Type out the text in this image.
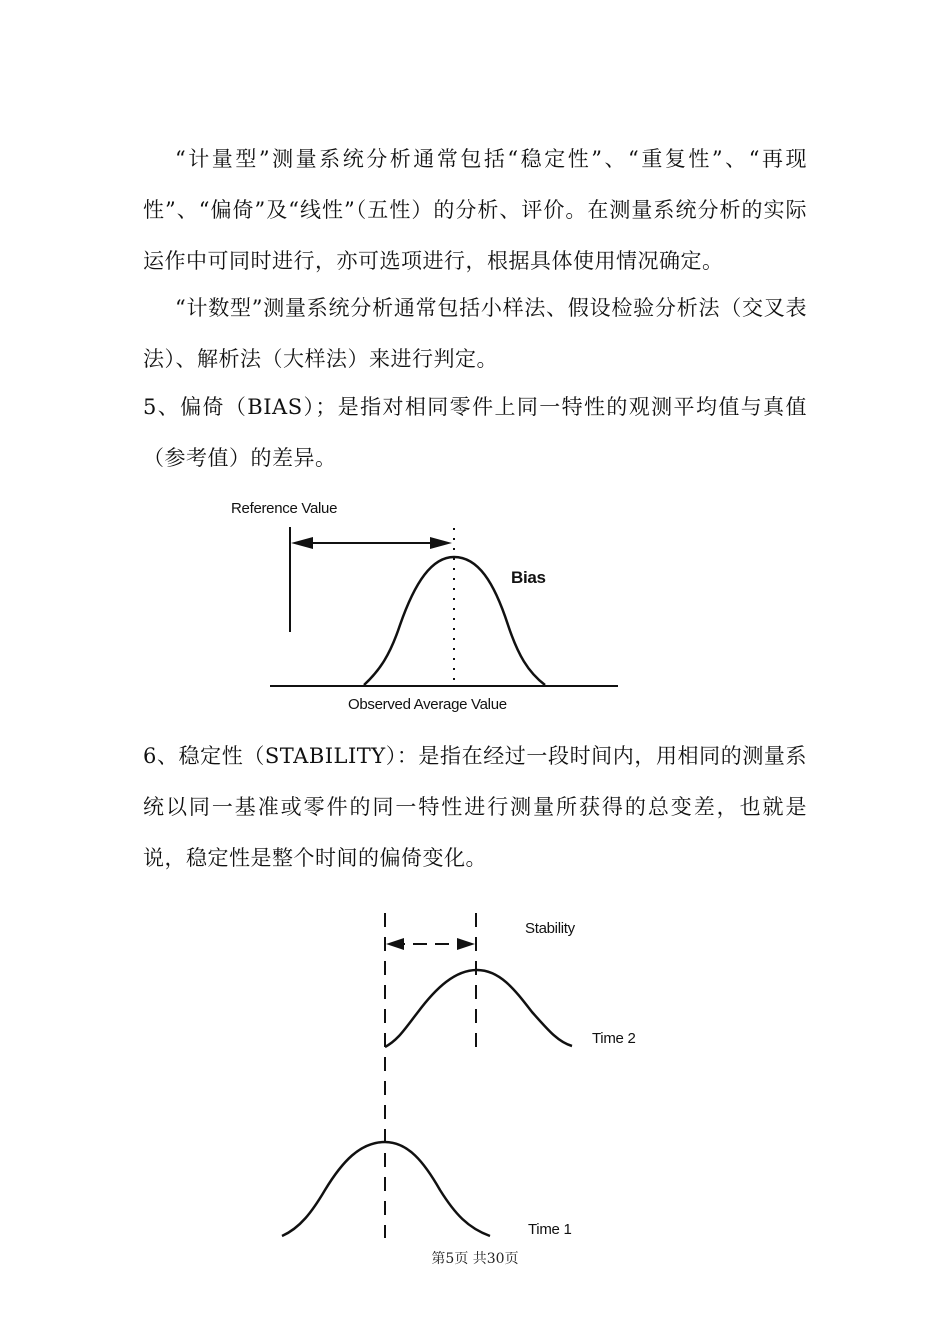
“计量型”测量系统分析通常包括“稳定性”、“重复性”、“再现性”、“偏倚”及“线性”（五性）的分析、评价。在测量系统分析的实际运作中可同时进行，亦可选项进行，根据具体使用情况确定。

“计数型”测量系统分析通常包括小样法、假设检验分析法（交叉表法）、解析法（大样法）来进行判定。

5、偏倚（BIAS）；是指对相同零件上同一特性的观测平均值与真值（参考值）的差异。

Reference Value
Bias
Observed Average Value

6、稳定性（STABILITY）：是指在经过一段时间内，用相同的测量系统以同一基准或零件的同一特性进行测量所获得的总变差，也就是说，稳定性是整个时间的偏倚变化。

Stability
Time 2
Time 1
第5页 共30页
